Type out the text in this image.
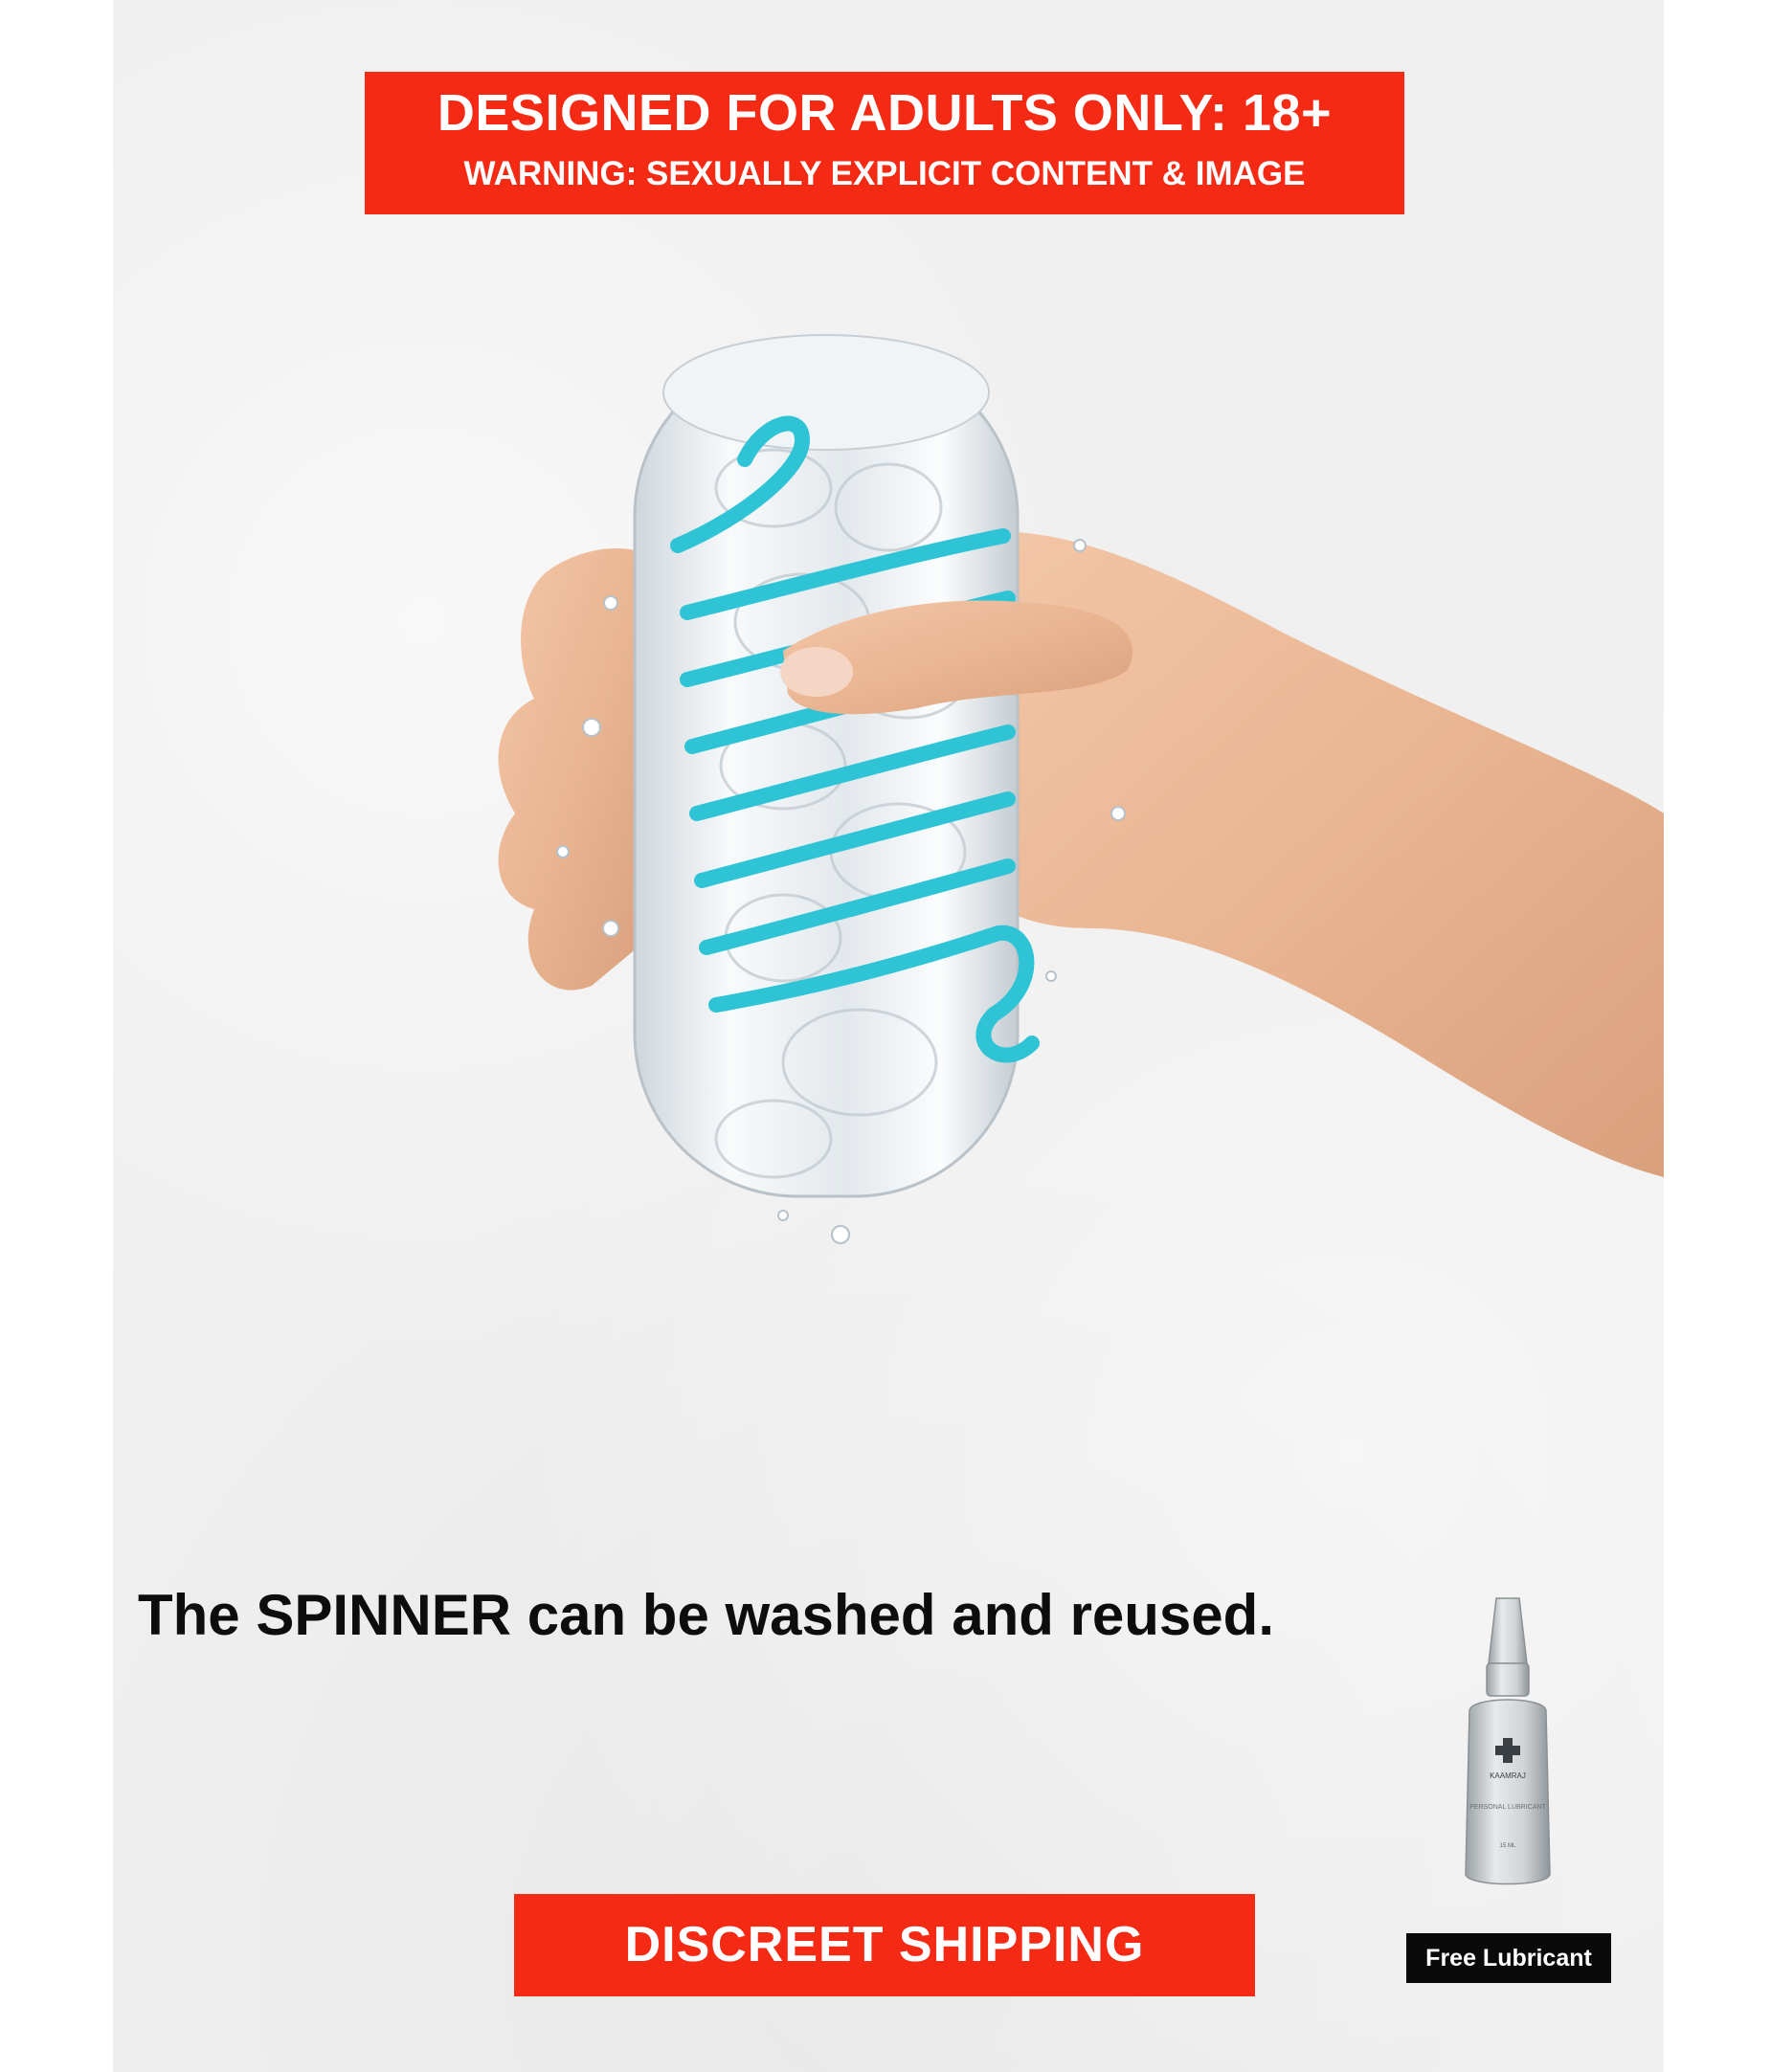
DESIGNED FOR ADULTS ONLY: 18+
WARNING: SEXUALLY EXPLICIT CONTENT & IMAGE
The SPINNER can be washed and reused.
KAAMRAJ
PERSONAL LUBRICANT
15 ML
DISCREET SHIPPING	Free Lubricant
